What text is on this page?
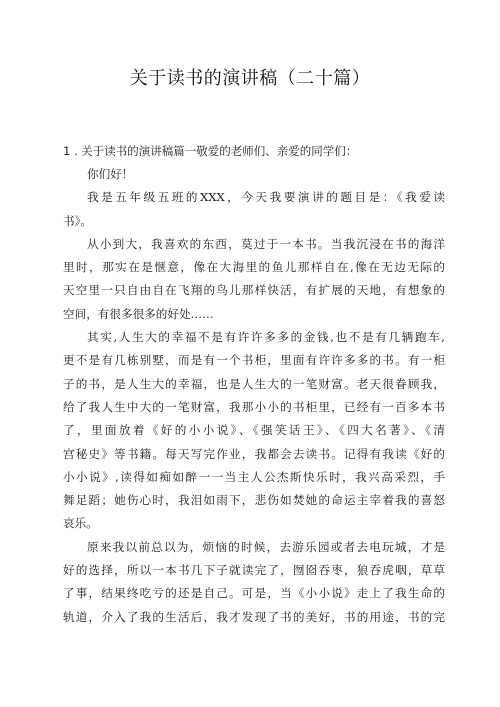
关于读书的演讲稿（二十篇）
1 . 关于读书的演讲稿篇一敬爱的老师们、亲爱的同学们：
你们好！
我是五年级五班的XXX，今天我要演讲的题目是：《我爱读
书》。
从小到大，我喜欢的东西，莫过于一本书。当我沉浸在书的海洋
里时，那实在是惬意，像在大海里的鱼儿那样自在,像在无边无际的
天空里一只自由自在飞翔的鸟儿那样快活，有扩展的天地，有想象的
空间，有很多很多的好处……
其实,人生大的幸福不是有许许多多的金钱,也不是有几辆跑车,
更不是有几栋别墅，而是有一个书柜，里面有许许多多的书。有一柜
子的书，是人生大的幸福，也是人生大的一笔财富。老天很眷顾我，
给了我人生中大的一笔财富，我那小小的书柜里，已经有一百多本书
了，里面放着《好的小小说》、《强笑话王》、《四大名著》、《清
宫秘史》等书籍。每天写完作业，我都会去读书。记得有我读《好的
小小说》,读得如痴如醉一一当主人公杰斯快乐时，我兴高采烈，手
舞足蹈；她伤心时，我泪如雨下，悲伤如焚她的命运主宰着我的喜怒
哀乐。
原来我以前总以为，烦恼的时候，去游乐园或者去电玩城，才是
好的选择，所以一本书几下子就读完了，囫囵吞枣，狼吞虎咽，草草
了事，结果终吃亏的还是自己。可是，当《小小说》走上了我生命的
轨道，介入了我的生活后，我才发现了书的美好，书的用途，书的完
